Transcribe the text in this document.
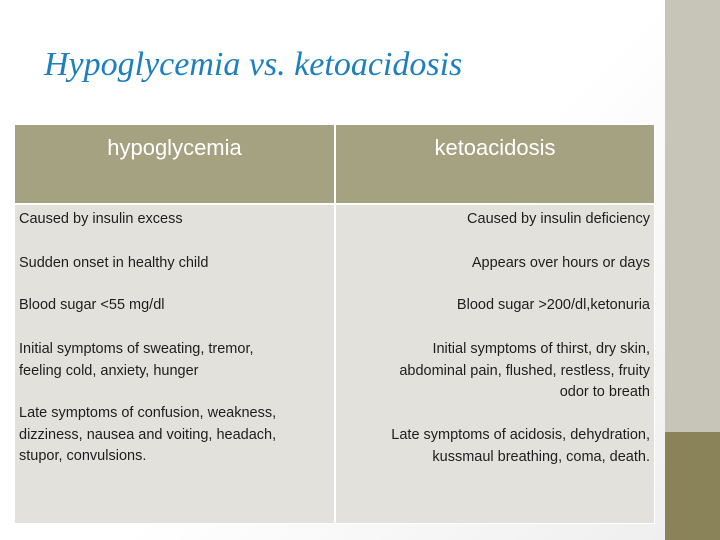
Hypoglycemia vs. ketoacidosis
hypoglycemia	ketoacidosis
Caused by insulin excess
Sudden onset in healthy child
Blood sugar <55 mg/dl
Initial symptoms of sweating, tremor,
feeling cold, anxiety, hunger
Late symptoms of confusion, weakness,
dizziness, nausea and voiting, headach,
stupor, convulsions.
Caused by insulin deficiency
Appears over hours or days
Blood sugar >200/dl,ketonuria
Initial symptoms of thirst, dry skin,
abdominal pain, flushed, restless, fruity
odor to breath
Late symptoms of acidosis, dehydration,
kussmaul breathing, coma, death.
